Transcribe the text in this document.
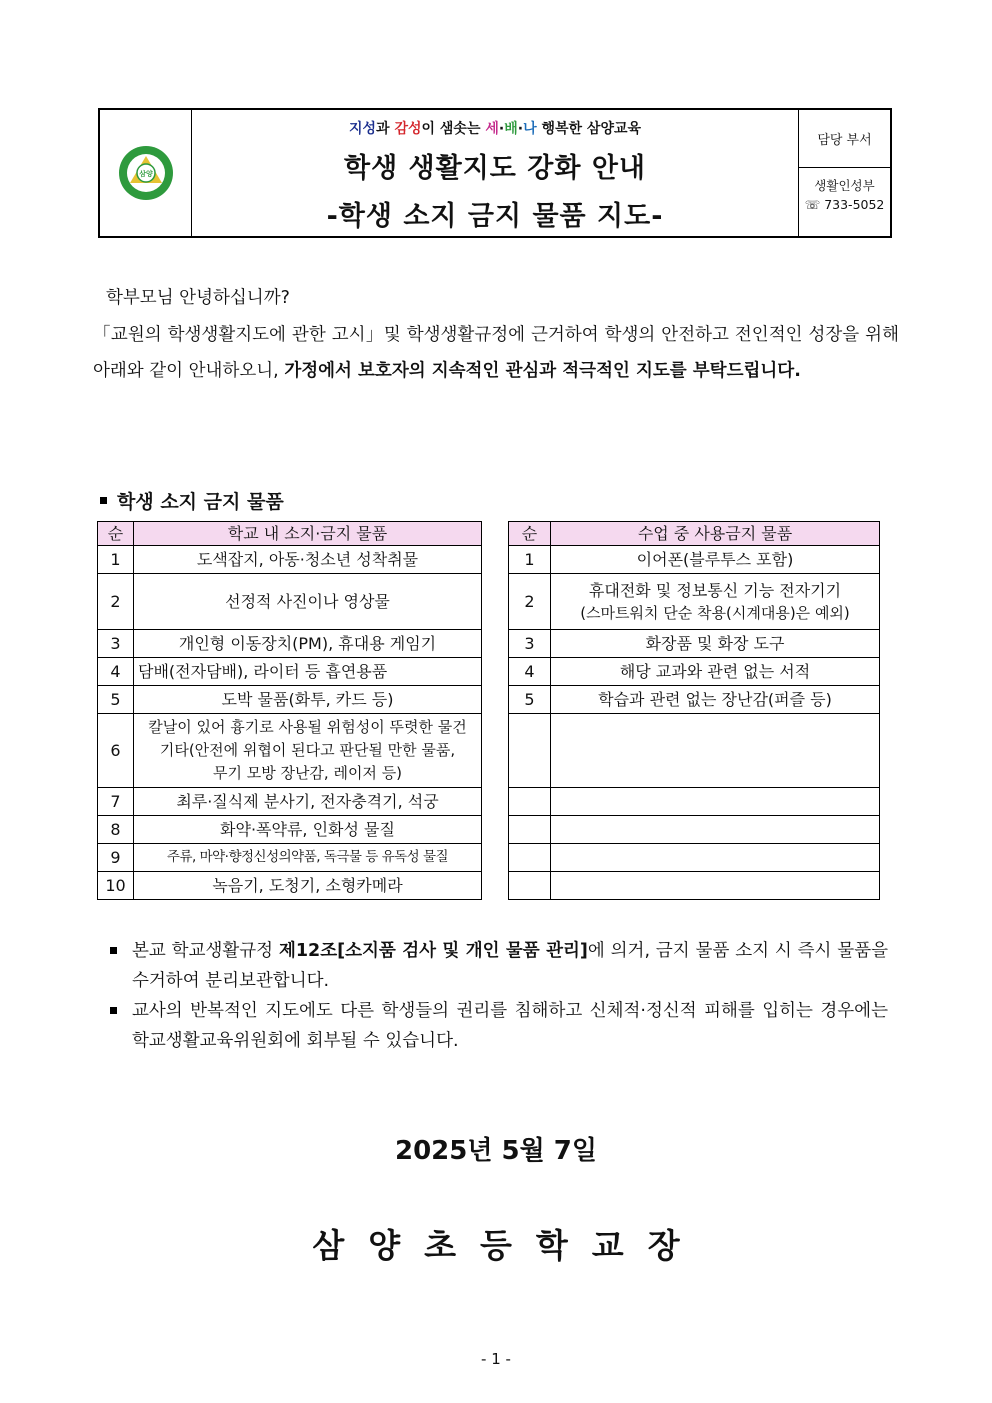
삼양
지성과 감성이 샘솟는 세·배·나 행복한 삼양교육
학생 생활지도 강화 안내
-학생 소지 금지 물품 지도-
담당 부서
생활인성부
☏ 733-5052
학부모님 안녕하십니까?
「교원의 학생생활지도에 관한 고시」및 학생생활규정에 근거하여 학생의 안전하고 전인적인 성장을 위해 아래와 같이 안내하오니, 가정에서 보호자의 지속적인 관심과 적극적인 지도를 부탁드립니다.
학생 소지 금지 물품
순	학교 내 소지·금지 물품
1	도색잡지, 아동·청소년 성착취물
2	선정적 사진이나 영상물
3	개인형 이동장치(PM), 휴대용 게임기
4	담배(전자담배), 라이터 등 흡연용품
5	도박 물품(화투, 카드 등)
6	칼날이 있어 흉기로 사용될 위험성이 뚜렷한 물건
기타(안전에 위협이 된다고 판단될 만한 물품,
무기 모방 장난감, 레이저 등)

7	최루·질식제 분사기, 전자충격기, 석궁
8	화약·폭약류, 인화성 물질
9	주류, 마약·향정신성의약품, 독극물 등 유독성 물질
10	녹음기, 도청기, 소형카메라
순	수업 중 사용금지 물품
1	이어폰(블루투스 포함)
2	휴대전화 및 정보통신 기능 전자기기
(스마트워치 단순 착용(시계대용)은 예외)

3	화장품 및 화장 도구
4	해당 교과와 관련 없는 서적
5	학습과 관련 없는 장난감(퍼즐 등)

본교 학교생활규정 제12조[소지품 검사 및 개인 물품 관리]에 의거, 금지 물품 소지 시 즉시 물품을 수거하여 분리보관합니다.
교사의 반복적인 지도에도 다른 학생들의 권리를 침해하고 신체적·정신적 피해를 입히는 경우에는 학교생활교육위원회에 회부될 수 있습니다.
2025년 5월 7일
삼양초등학교장
- 1 -
